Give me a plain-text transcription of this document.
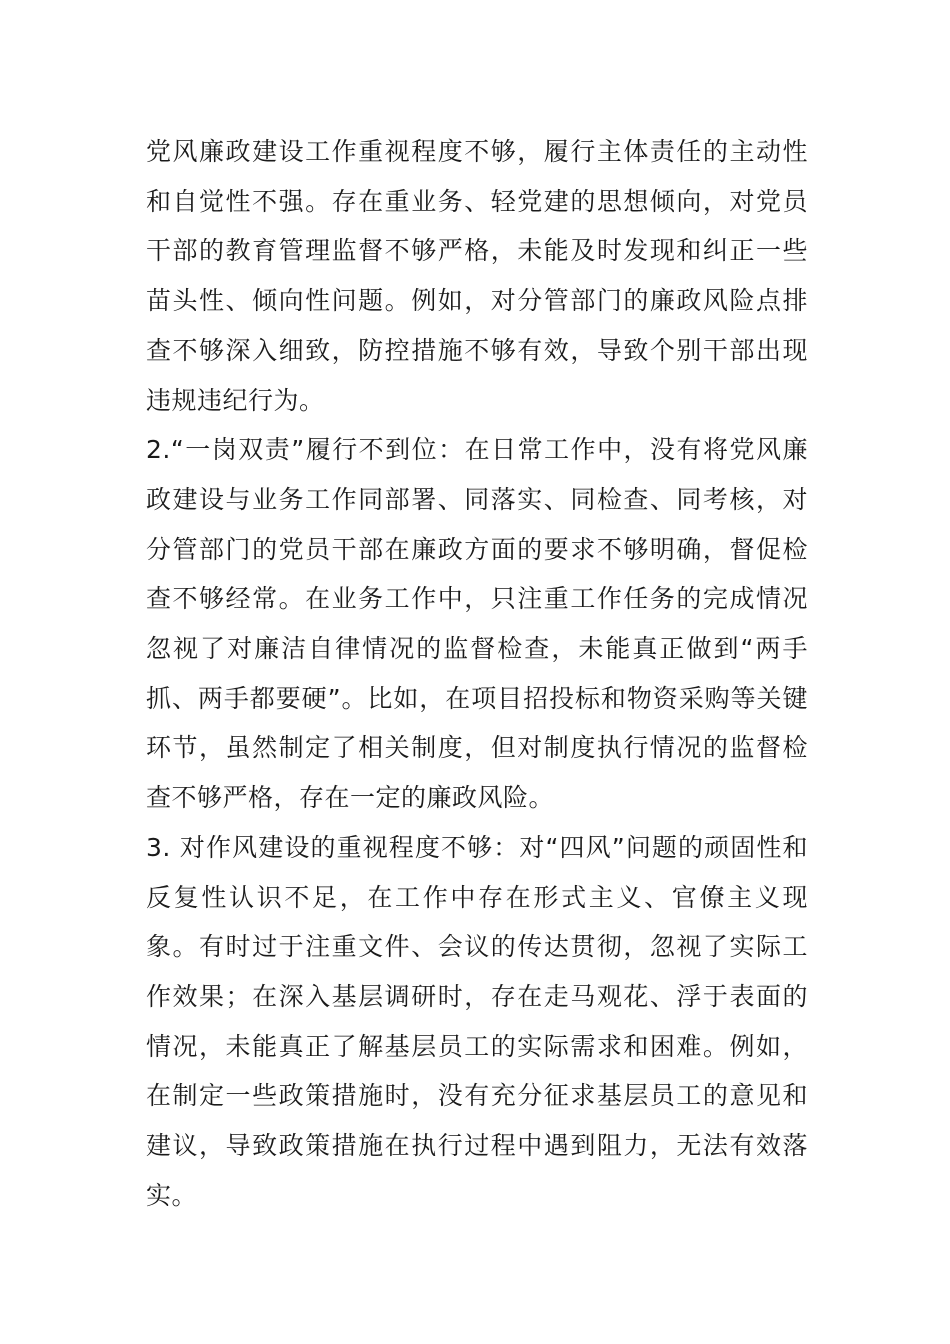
党风廉政建设工作重视程度不够，履行主体责任的主动性和自觉性不强。存在重业务、轻党建的思想倾向，对党员干部的教育管理监督不够严格，未能及时发现和纠正一些苗头性、倾向性问题。例如，对分管部门的廉政风险点排查不够深入细致，防控措施不够有效，导致个别干部出现违规违纪行为。

2.“一岗双责”履行不到位：在日常工作中，没有将党风廉政建设与业务工作同部署、同落实、同检查、同考核，对分管部门的党员干部在廉政方面的要求不够明确，督促检查不够经常。在业务工作中，只注重工作任务的完成情况忽视了对廉洁自律情况的监督检查，未能真正做到“两手抓、两手都要硬”。比如，在项目招投标和物资采购等关键环节，虽然制定了相关制度，但对制度执行情况的监督检查不够严格，存在一定的廉政风险。

3. 对作风建设的重视程度不够：对“四风”问题的顽固性和反复性认识不足，在工作中存在形式主义、官僚主义现象。有时过于注重文件、会议的传达贯彻，忽视了实际工作效果；在深入基层调研时，存在走马观花、浮于表面的情况，未能真正了解基层员工的实际需求和困难。例如，在制定一些政策措施时，没有充分征求基层员工的意见和建议，导致政策措施在执行过程中遇到阻力，无法有效落实。
